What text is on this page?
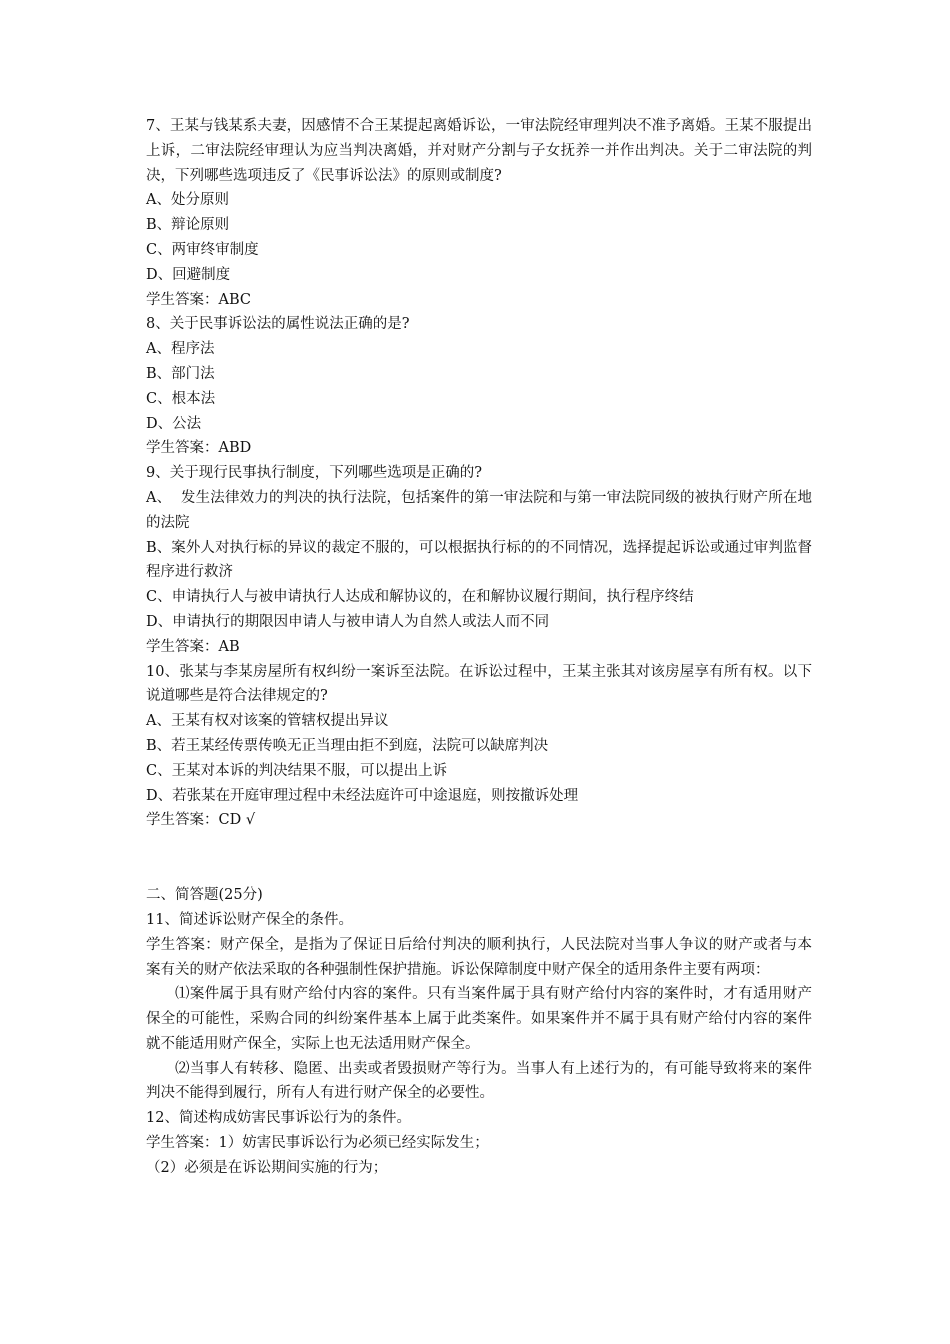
7、王某与钱某系夫妻，因感情不合王某提起离婚诉讼，一审法院经审理判决不准予离婚。王某不服提出上诉，二审法院经审理认为应当判决离婚，并对财产分割与子女抚养一并作出判决。关于二审法院的判决，下列哪些选项违反了《民事诉讼法》的原则或制度?
A、处分原则
B、辩论原则
C、两审终审制度
D、回避制度
学生答案：ABC
8、关于民事诉讼法的属性说法正确的是?
A、程序法
B、部门法
C、根本法
D、公法
学生答案：ABD
9、关于现行民事执行制度，下列哪些选项是正确的?
A、  发生法律效力的判决的执行法院，包括案件的第一审法院和与第一审法院同级的被执行财产所在地的法院
B、案外人对执行标的异议的裁定不服的，可以根据执行标的的不同情况，选择提起诉讼或通过审判监督程序进行救济
C、申请执行人与被申请执行人达成和解协议的，在和解协议履行期间，执行程序终结
D、申请执行的期限因申请人与被申请人为自然人或法人而不同
学生答案：AB
10、张某与李某房屋所有权纠纷一案诉至法院。在诉讼过程中，王某主张其对该房屋享有所有权。以下说道哪些是符合法律规定的?
A、王某有权对该案的管辖权提出异议
B、若王某经传票传唤无正当理由拒不到庭，法院可以缺席判决
C、王某对本诉的判决结果不服，可以提出上诉
D、若张某在开庭审理过程中未经法庭许可中途退庭，则按撤诉处理
学生答案：CD √
二、简答题(25分)
11、简述诉讼财产保全的条件。
学生答案：财产保全，是指为了保证日后给付判决的顺利执行，人民法院对当事人争议的财产或者与本案有关的财产依法采取的各种强制性保护措施。诉讼保障制度中财产保全的适用条件主要有两项：
⑴案件属于具有财产给付内容的案件。只有当案件属于具有财产给付内容的案件时，才有适用财产保全的可能性，采购合同的纠纷案件基本上属于此类案件。如果案件并不属于具有财产给付内容的案件就不能适用财产保全，实际上也无法适用财产保全。
⑵当事人有转移、隐匿、出卖或者毁损财产等行为。当事人有上述行为的，有可能导致将来的案件判决不能得到履行，所有人有进行财产保全的必要性。
12、简述构成妨害民事诉讼行为的条件。
学生答案：1）妨害民事诉讼行为必须已经实际发生；
（2）必须是在诉讼期间实施的行为；
